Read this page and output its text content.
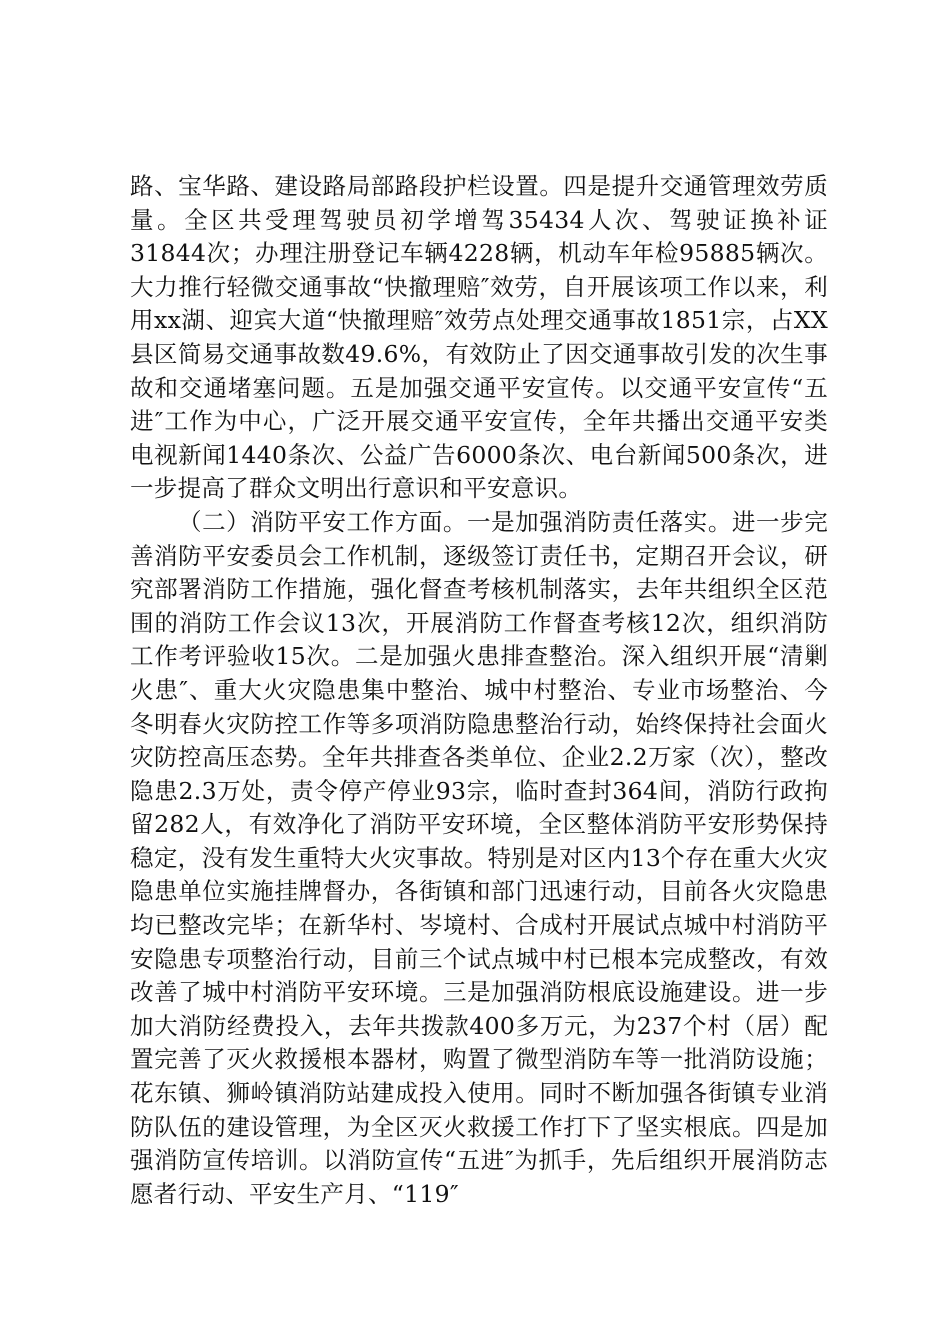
路、宝华路、建设路局部路段护栏设置。四是提升交通管理效劳质量。全区共受理驾驶员初学增驾35434人次、驾驶证换补证31844次；办理注册登记车辆4228辆，机动车年检95885辆次。大力推行轻微交通事故“快撤理赔″效劳，自开展该项工作以来，利用xx湖、迎宾大道“快撤理赔″效劳点处理交通事故1851宗，占XX县区简易交通事故数49.6%，有效防止了因交通事故引发的次生事故和交通堵塞问题。五是加强交通平安宣传。以交通平安宣传“五进″工作为中心，广泛开展交通平安宣传，全年共播出交通平安类电视新闻1440条次、公益广告6000条次、电台新闻500条次，进一步提高了群众文明出行意识和平安意识。

（二）消防平安工作方面。一是加强消防责任落实。进一步完善消防平安委员会工作机制，逐级签订责任书，定期召开会议，研究部署消防工作措施，强化督查考核机制落实，去年共组织全区范围的消防工作会议13次，开展消防工作督查考核12次，组织消防工作考评验收15次。二是加强火患排查整治。深入组织开展“清剿火患″、重大火灾隐患集中整治、城中村整治、专业市场整治、今冬明春火灾防控工作等多项消防隐患整治行动，始终保持社会面火灾防控高压态势。全年共排查各类单位、企业2.2万家（次），整改隐患2.3万处，责令停产停业93宗，临时查封364间，消防行政拘留282人，有效净化了消防平安环境，全区整体消防平安形势保持稳定，没有发生重特大火灾事故。特别是对区内13个存在重大火灾隐患单位实施挂牌督办，各街镇和部门迅速行动，目前各火灾隐患均已整改完毕；在新华村、岑境村、合成村开展试点城中村消防平安隐患专项整治行动，目前三个试点城中村已根本完成整改，有效改善了城中村消防平安环境。三是加强消防根底设施建设。进一步加大消防经费投入，去年共拨款400多万元，为237个村（居）配置完善了灭火救援根本器材，购置了微型消防车等一批消防设施；花东镇、狮岭镇消防站建成投入使用。同时不断加强各街镇专业消防队伍的建设管理，为全区灭火救援工作打下了坚实根底。四是加强消防宣传培训。以消防宣传“五进″为抓手，先后组织开展消防志愿者行动、平安生产月、“119″
